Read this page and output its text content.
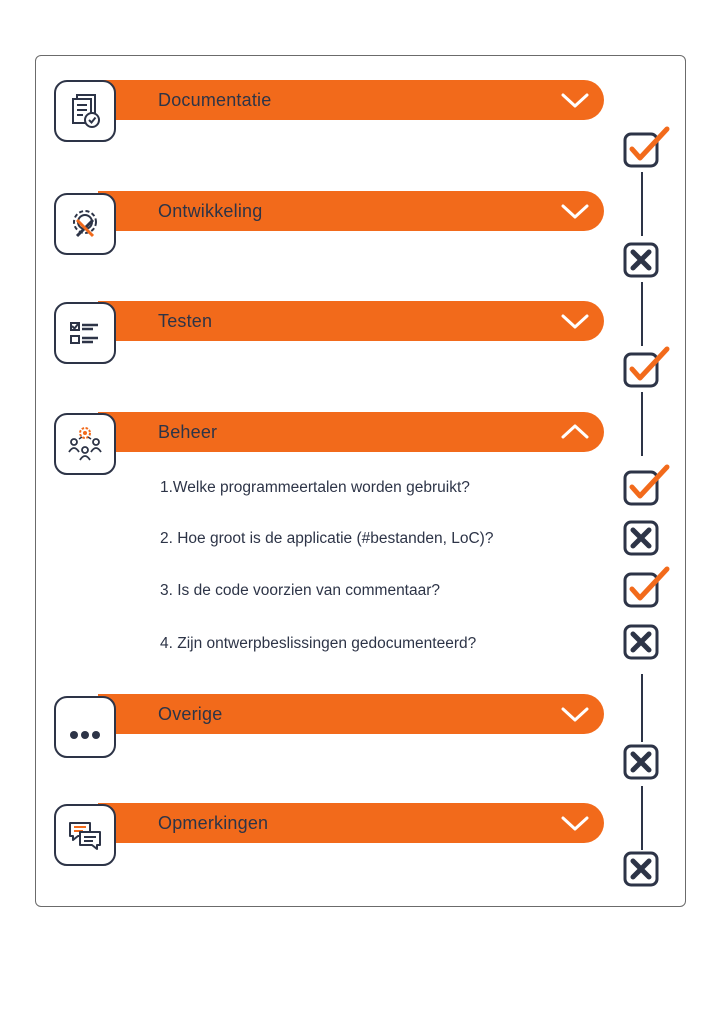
Documentatie
Ontwikkeling
Testen
Beheer
1.Welke programmeertalen worden gebruikt?
2. Hoe groot is de applicatie (#bestanden, LoC)?
3. Is de code voorzien van commentaar?
4. Zijn ontwerpbeslissingen gedocumenteerd?
Overige
Opmerkingen
